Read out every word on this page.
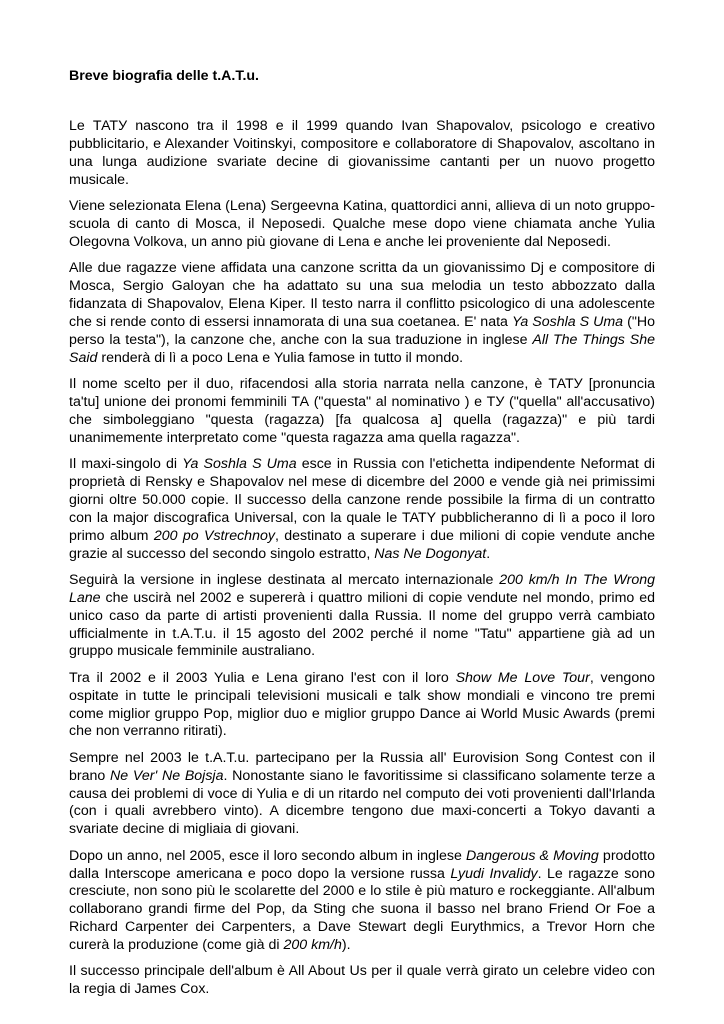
Breve biografia delle t.A.T.u.

Le ТАТУ nascono tra il 1998 e il 1999 quando Ivan Shapovalov, psicologo e creativo pubblicitario, e Alexander Voitinskyi, compositore e collaboratore di Shapovalov, ascoltano in una lunga audizione svariate decine di giovanissime cantanti per un nuovo progetto musicale.

Viene selezionata Elena (Lena) Sergeevna Katina, quattordici anni, allieva di un noto gruppo-scuola di canto di Mosca, il Neposedi. Qualche mese dopo viene chiamata anche Yulia Olegovna Volkova, un anno più giovane di Lena e anche lei proveniente dal Neposedi.

Alle due ragazze viene affidata una canzone scritta da un giovanissimo Dj e compositore di Mosca, Sergio Galoyan che ha adattato su una sua melodia un testo abbozzato dalla fidanzata di Shapovalov, Elena Kiper. Il testo narra il conflitto psicologico di una adolescente che si rende conto di essersi innamorata di una sua coetanea. E' nata Ya Soshla S Uma ("Ho perso la testa"), la canzone che, anche con la sua traduzione in inglese All The Things She Said renderà di lì a poco Lena e Yulia famose in tutto il mondo.

Il nome scelto per il duo, rifacendosi alla storia narrata nella canzone, è ТАТУ [pronuncia ta'tu] unione dei pronomi femminili ТА ("questa" al nominativo ) e ТУ ("quella" all'accusativo) che simboleggiano "questa (ragazza) [fa qualcosa a] quella (ragazza)" e più tardi unanimemente interpretato come "questa ragazza ama quella ragazza".

Il maxi-singolo di Ya Soshla S Uma esce in Russia con l'etichetta indipendente Neformat di proprietà di Rensky e Shapovalov nel mese di dicembre del 2000 e vende già nei primissimi giorni oltre 50.000 copie. Il successo della canzone rende possibile la firma di un contratto con la major discografica Universal, con la quale le TATY pubblicheranno di lì a poco il loro primo album 200 po Vstrechnoy, destinato a superare i due milioni di copie vendute anche grazie al successo del secondo singolo estratto, Nas Ne Dogonyat.

Seguirà la versione in inglese destinata al mercato internazionale 200 km/h In The Wrong Lane che uscirà nel 2002 e supererà i quattro milioni di copie vendute nel mondo, primo ed unico caso da parte di artisti provenienti dalla Russia. Il nome del gruppo verrà cambiato ufficialmente in t.A.T.u. il 15 agosto del 2002 perché il nome "Tatu" appartiene già ad un gruppo musicale femminile australiano.

Tra il 2002 e il 2003 Yulia e Lena girano l'est con il loro Show Me Love Tour, vengono ospitate in tutte le principali televisioni musicali e talk show mondiali e vincono tre premi come miglior gruppo Pop, miglior duo e miglior gruppo Dance ai World Music Awards (premi che non verranno ritirati).

Sempre nel 2003 le t.A.T.u. partecipano per la Russia all' Eurovision Song Contest con il brano Ne Ver' Ne Bojsja. Nonostante siano le favoritissime si classificano solamente terze a causa dei problemi di voce di Yulia e di un ritardo nel computo dei voti provenienti dall'Irlanda (con i quali avrebbero vinto). A dicembre tengono due maxi-concerti a Tokyo davanti a svariate decine di migliaia di giovani.

Dopo un anno, nel 2005, esce il loro secondo album in inglese Dangerous & Moving prodotto dalla Interscope americana e poco dopo la versione russa Lyudi Invalidy. Le ragazze sono cresciute, non sono più le scolarette del 2000 e lo stile è più maturo e rockeggiante. All'album collaborano grandi firme del Pop, da Sting che suona il basso nel brano Friend Or Foe a Richard Carpenter dei Carpenters, a Dave Stewart degli Eurythmics, a Trevor Horn che curerà la produzione (come già di 200 km/h).

Il successo principale dell'album è All About Us per il quale verrà girato un celebre video con la regia di James Cox.
